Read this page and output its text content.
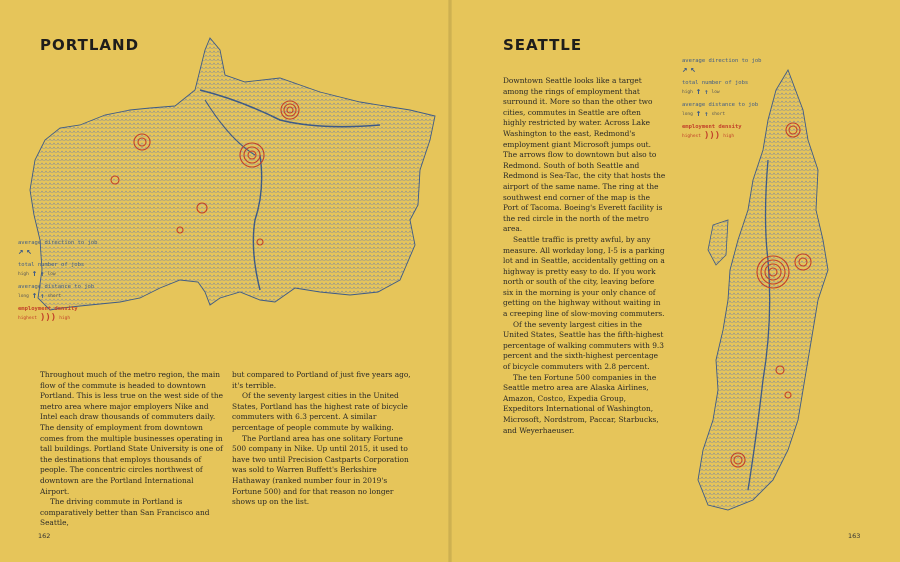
PORTLAND
average direction to job
↗ ↖
total number of jobs
high ↑ ↑ low
average distance to job
long ↑ ↑ short
employment density
highest ))) high

Throughout much of the metro region, the main flow of the commute is headed to downtown Portland. This is less true on the west side of the metro area where major employers Nike and Intel each draw thousands of commuters daily. The density of employment from downtown comes from the multiple businesses operating in tall buildings. Portland State University is one of the destinations that employs thousands of people. The concentric circles northwest of downtown are the Portland International Airport.

The driving commute in Portland is comparatively better than San Francisco and Seattle,

but compared to Portland of just five years ago, it's terrible.

Of the seventy largest cities in the United States, Portland has the highest rate of bicycle commuters with 6.3 percent. A similar percentage of people commute by walking.

The Portland area has one solitary Fortune 500 company in Nike. Up until 2015, it used to have two until Precision Castparts Corporation was sold to Warren Buffett's Berkshire Hathaway (ranked number four in 2019's Fortune 500) and for that reason no longer shows up on the list.

162
SEATTLE

Downtown Seattle looks like a target among the rings of employment that surround it. More so than the other two cities, commutes in Seattle are often highly restricted by water. Across Lake Washington to the east, Redmond's employment giant Microsoft jumps out. The arrows flow to downtown but also to Redmond. South of both Seattle and Redmond is Sea-Tac, the city that hosts the airport of the same name. The ring at the southwest end corner of the map is the Port of Tacoma. Boeing's Everett facility is the red circle in the north of the metro area.

Seattle traffic is pretty awful, by any measure. All workday long, I-5 is a parking lot and in Seattle, accidentally getting on a highway is pretty easy to do. If you work north or south of the city, leaving before six in the morning is your only chance of getting on the highway without waiting in a creeping line of slow-moving commuters.

Of the seventy largest cities in the United States, Seattle has the fifth-highest percentage of walking commuters with 9.3 percent and the sixth-highest percentage of bicycle commuters with 2.8 percent.

The ten Fortune 500 companies in the Seattle metro area are Alaska Airlines, Amazon, Costco, Expedia Group, Expeditors International of Washington, Microsoft, Nordstrom, Paccar, Starbucks, and Weyerhaeuser.

average direction to job
↗ ↖
total number of jobs
high ↑ ↑ low
average distance to job
long ↑ ↑ short
employment density
highest ))) high
163
